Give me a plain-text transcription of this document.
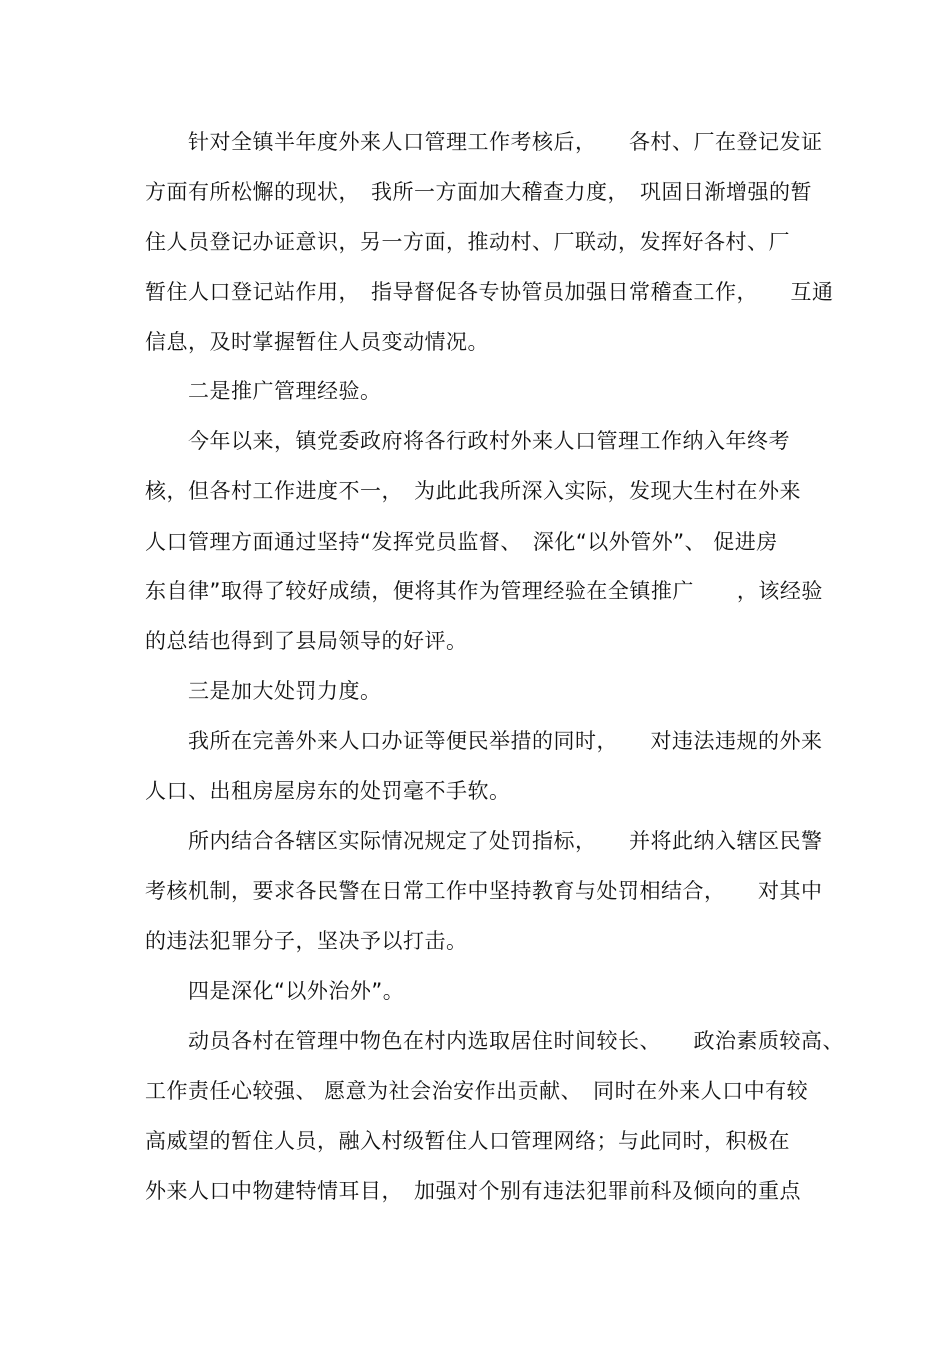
针对全镇半年度外来人口管理工作考核后，　　各村、厂在登记发证
方面有所松懈的现状，　我所一方面加大稽查力度，　巩固日渐增强的暂
住人员登记办证意识，另一方面，推动村、厂联动，发挥好各村、厂
暂住人口登记站作用，　指导督促各专协管员加强日常稽查工作，　　互通
信息，及时掌握暂住人员变动情况。
二是推广管理经验。
今年以来，镇党委政府将各行政村外来人口管理工作纳入年终考
核，但各村工作进度不一，　为此此我所深入实际，发现大生村在外来
人口管理方面通过坚持“发挥党员监督、　深化“以外管外”、 促进房
东自律”取得了较好成绩，便将其作为管理经验在全镇推广　　，该经验
的总结也得到了县局领导的好评。
三是加大处罚力度。
我所在完善外来人口办证等便民举措的同时，　　对违法违规的外来
人口、出租房屋房东的处罚毫不手软。
所内结合各辖区实际情况规定了处罚指标，　　并将此纳入辖区民警
考核机制，要求各民警在日常工作中坚持教育与处罚相结合，　　对其中
的违法犯罪分子，坚决予以打击。
四是深化“以外治外”。
动员各村在管理中物色在村内选取居住时间较长、　　政治素质较高、
工作责任心较强、 愿意为社会治安作出贡献、　同时在外来人口中有较
高威望的暂住人员，融入村级暂住人口管理网络；与此同时，积极在
外来人口中物建特情耳目，　加强对个别有违法犯罪前科及倾向的重点
